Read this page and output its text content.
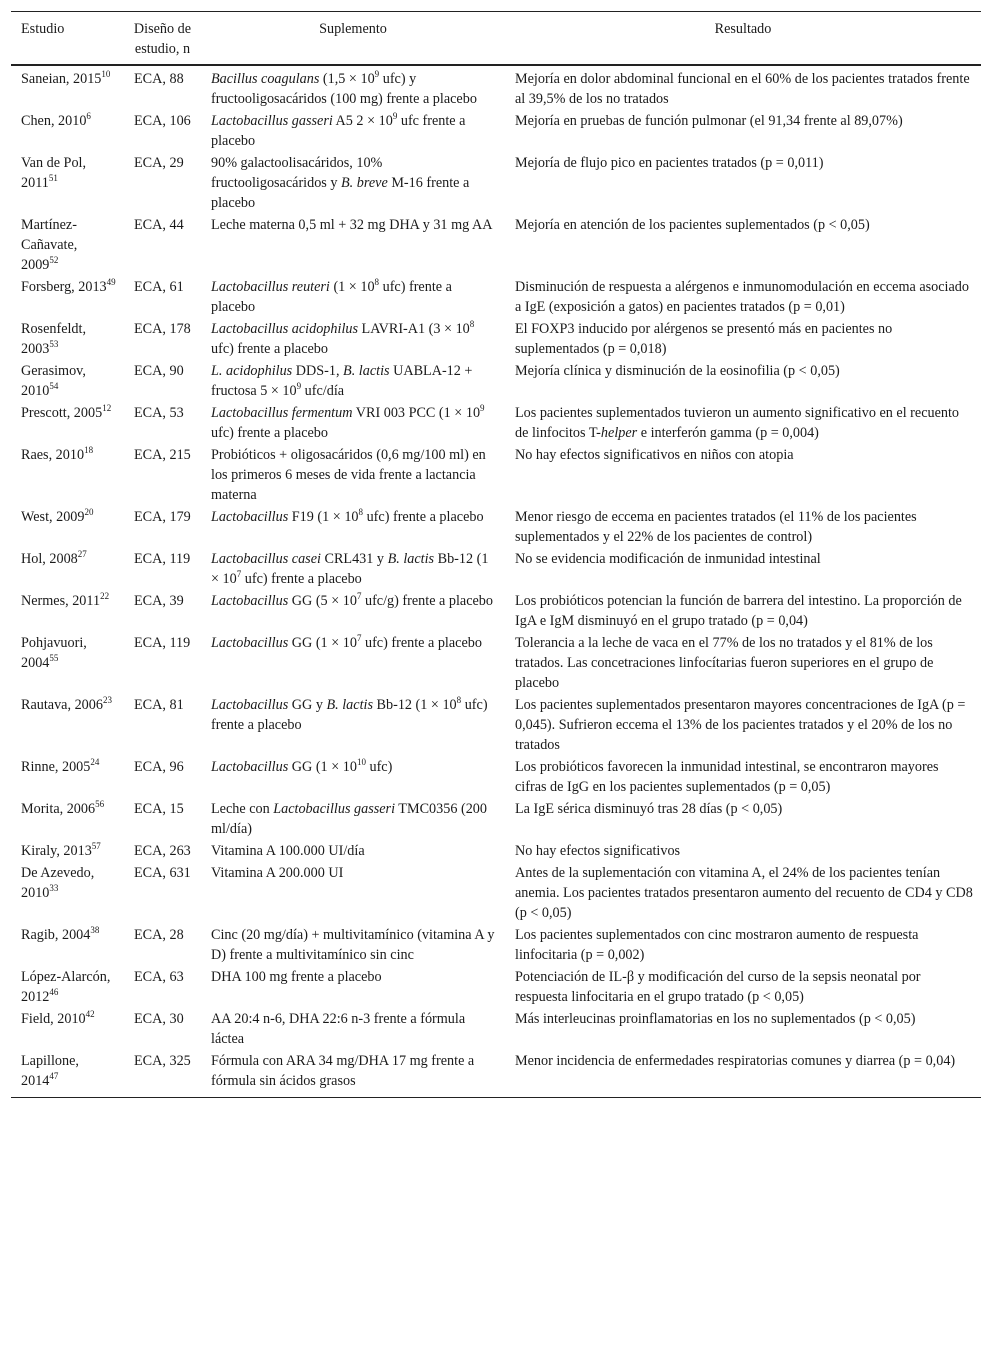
Estudio	Diseño de estudio, n	Suplemento	Resultado
Saneian, 2015$^{10}$	ECA, 88	Bacillus coagulans ($1,5 \times 10^9$ ufc) y fructooligosacáridos (100 mg) frente a placebo	Mejoría en dolor abdominal funcional en el 60% de los pacientes tratados frente al 39,5% de los no tratados
Chen, 2010$^6$	ECA, 106	Lactobacillus gasseri A5 $2 \times 10^9$ ufc frente a placebo	Mejoría en pruebas de función pulmonar (el 91,34 frente al 89,07%)
Van de Pol, 2011$^{51}$	ECA, 29	90% galactoolisacáridos, 10% fructooligosacáridos y B. breve M-16 frente a placebo	Mejoría de flujo pico en pacientes tratados (p = 0,011)
Martínez-Cañavate, 2009$^{52}$	ECA, 44	Leche materna 0,5 ml + 32 mg DHA y 31 mg AA	Mejoría en atención de los pacientes suplementados (p < 0,05)
Forsberg, 2013$^{49}$	ECA, 61	Lactobacillus reuteri ($1 \times 10^8$ ufc) frente a placebo	Disminución de respuesta a alérgenos e inmunomodulación en eccema asociado a IgE (exposición a gatos) en pacientes tratados (p = 0,01)
Rosenfeldt, 2003$^{53}$	ECA, 178	Lactobacillus acidophilus LAVRI-A1 ($3 \times 10^8$ ufc) frente a placebo	El FOXP3 inducido por alérgenos se presentó más en pacientes no suplementados (p = 0,018)
Gerasimov, 2010$^{54}$	ECA, 90	L. acidophilus DDS-1, B. lactis UABLA-12 + fructosa $5 \times 10^9$ ufc/día	Mejoría clínica y disminución de la eosinofilia (p < 0,05)
Prescott, 2005$^{12}$	ECA, 53	Lactobacillus fermentum VRI 003 PCC ($1 \times 10^9$ ufc) frente a placebo	Los pacientes suplementados tuvieron un aumento significativo en el recuento de linfocitos T-helper e interferón gamma (p = 0,004)
Raes, 2010$^{18}$	ECA, 215	Probióticos + oligosacáridos (0,6 mg/100 ml) en los primeros 6 meses de vida frente a lactancia materna	No hay efectos significativos en niños con atopia
West, 2009$^{20}$	ECA, 179	Lactobacillus F19 ($1 \times 10^8$ ufc) frente a placebo	Menor riesgo de eccema en pacientes tratados (el 11% de los pacientes suplementados y el 22% de los pacientes de control)
Hol, 2008$^{27}$	ECA, 119	Lactobacillus casei CRL431 y B. lactis Bb-12 ($1 \times 10^7$ ufc) frente a placebo	No se evidencia modificación de inmunidad intestinal
Nermes, 2011$^{22}$	ECA, 39	Lactobacillus GG ($5 \times 10^7$ ufc/g) frente a placebo	Los probióticos potencian la función de barrera del intestino. La proporción de IgA e IgM disminuyó en el grupo tratado (p = 0,04)
Pohjavuori, 2004$^{55}$	ECA, 119	Lactobacillus GG ($1 \times 10^7$ ufc) frente a placebo	Tolerancia a la leche de vaca en el 77% de los no tratados y el 81% de los tratados. Las concetraciones linfocítarias fueron superiores en el grupo de placebo
Rautava, 2006$^{23}$	ECA, 81	Lactobacillus GG y B. lactis Bb-12 ($1 \times 10^8$ ufc) frente a placebo	Los pacientes suplementados presentaron mayores concentraciones de IgA (p = 0,045). Sufrieron eccema el 13% de los pacientes tratados y el 20% de los no tratados
Rinne, 2005$^{24}$	ECA, 96	Lactobacillus GG ($1 \times 10^{10}$ ufc)	Los probióticos favorecen la inmunidad intestinal, se encontraron mayores cifras de IgG en los pacientes suplementados (p = 0,05)
Morita, 2006$^{56}$	ECA, 15	Leche con Lactobacillus gasseri TMC0356 (200 ml/día)	La IgE sérica disminuyó tras 28 días (p < 0,05)
Kiraly, 2013$^{57}$	ECA, 263	Vitamina A 100.000 UI/día	No hay efectos significativos
De Azevedo, 2010$^{33}$	ECA, 631	Vitamina A 200.000 UI	Antes de la suplementación con vitamina A, el 24% de los pacientes tenían anemia. Los pacientes tratados presentaron aumento del recuento de CD4 y CD8 (p < 0,05)
Ragib, 2004$^{38}$	ECA, 28	Cinc (20 mg/día) + multivitamínico (vitamina A y D) frente a multivitamínico sin cinc	Los pacientes suplementados con cinc mostraron aumento de respuesta linfocitaria (p = 0,002)
López-Alarcón, 2012$^{46}$	ECA, 63	DHA 100 mg frente a placebo	Potenciación de IL-β y modificación del curso de la sepsis neonatal por respuesta linfocitaria en el grupo tratado (p < 0,05)
Field, 2010$^{42}$	ECA, 30	AA 20:4 n-6, DHA 22:6 n-3 frente a fórmula láctea	Más interleucinas proinflamatorias en los no suplementados (p < 0,05)
Lapillone, 2014$^{47}$	ECA, 325	Fórmula con ARA 34 mg/DHA 17 mg frente a fórmula sin ácidos grasos	Menor incidencia de enfermedades respiratorias comunes y diarrea (p = 0,04)
